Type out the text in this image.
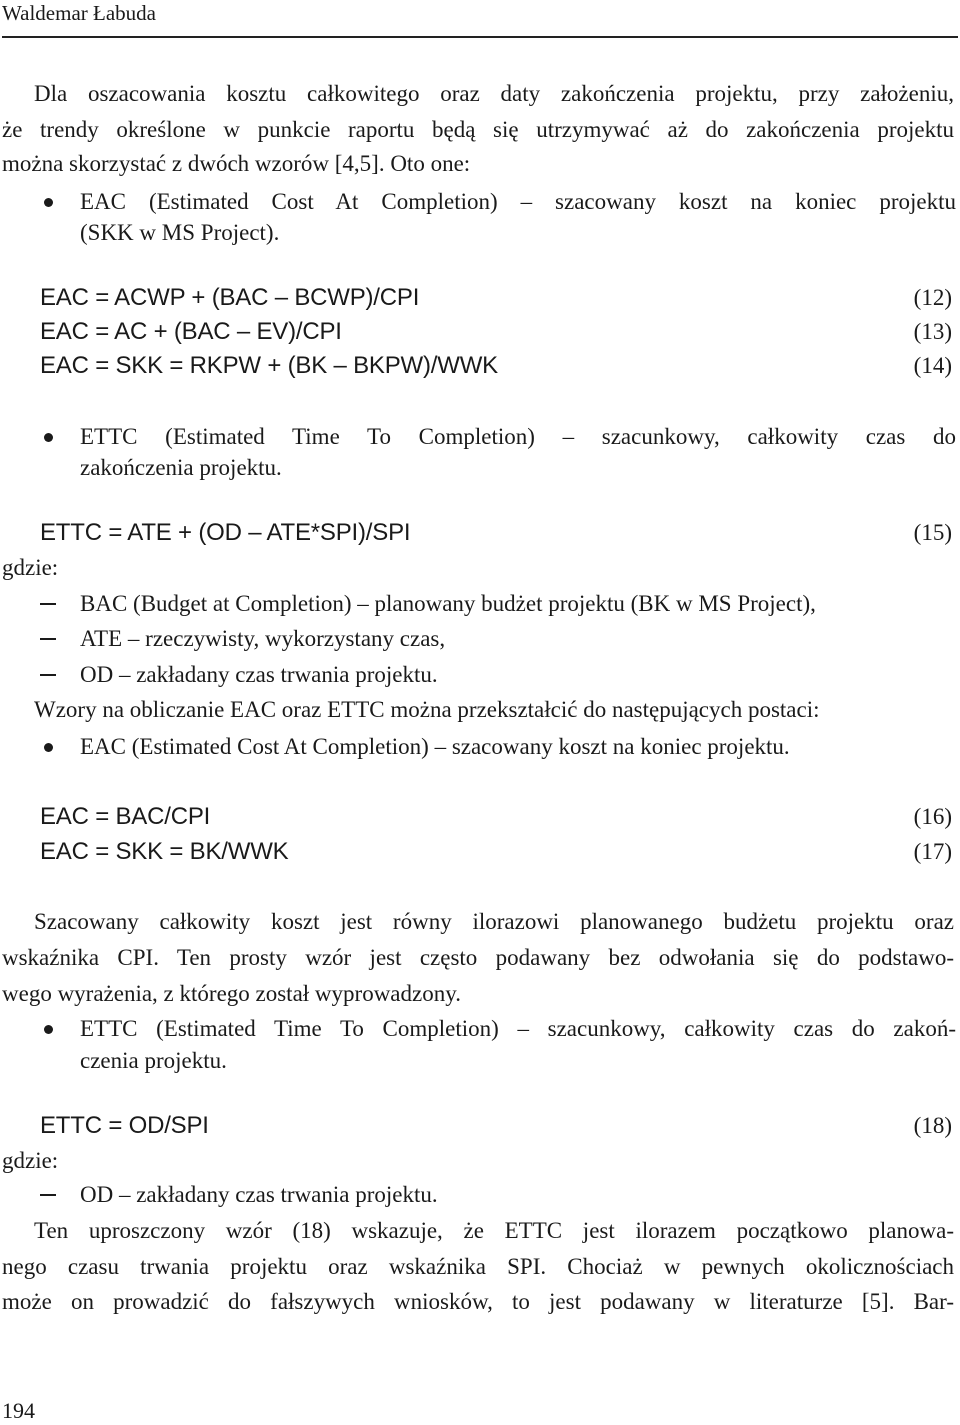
Waldemar Łabuda
Dla oszacowania kosztu całkowitego oraz daty zakończenia projektu, przy założeniu,
że trendy określone w punkcie raportu będą się utrzymywać aż do zakończenia projektu
można skorzystać z dwóch wzorów [4,5]. Oto one:
EAC (Estimated Cost At Completion) – szacowany koszt na koniec projektu
(SKK w MS Project).
EAC = ACWP + (BAC – BCWP)/CPI	(12)
EAC = AC + (BAC – EV)/CPI	(13)
EAC = SKK = RKPW + (BK – BKPW)/WWK	(14)
ETTC (Estimated Time To Completion) – szacunkowy, całkowity czas do
zakończenia projektu.
ETTC = ATE + (OD – ATE*SPI)/SPI	(15)
gdzie:
BAC (Budget at Completion) – planowany budżet projektu (BK w MS Project),
ATE – rzeczywisty, wykorzystany czas,
OD – zakładany czas trwania projektu.
Wzory na obliczanie EAC oraz ETTC można przekształcić do następujących postaci:
EAC (Estimated Cost At Completion) – szacowany koszt na koniec projektu.
EAC = BAC/CPI	(16)
EAC = SKK = BK/WWK	(17)
Szacowany całkowity koszt jest równy ilorazowi planowanego budżetu projektu oraz
wskaźnika CPI. Ten prosty wzór jest często podawany bez odwołania się do podstawo-
wego wyrażenia, z którego został wyprowadzony.
ETTC (Estimated Time To Completion) – szacunkowy, całkowity czas do zakoń-
czenia projektu.
ETTC = OD/SPI	(18)
gdzie:
OD – zakładany czas trwania projektu.
Ten uproszczony wzór (18) wskazuje, że ETTC jest ilorazem początkowo planowa-
nego czasu trwania projektu oraz wskaźnika SPI. Chociaż w pewnych okolicznościach
może on prowadzić do fałszywych wniosków, to jest podawany w literaturze [5]. Bar-
194
